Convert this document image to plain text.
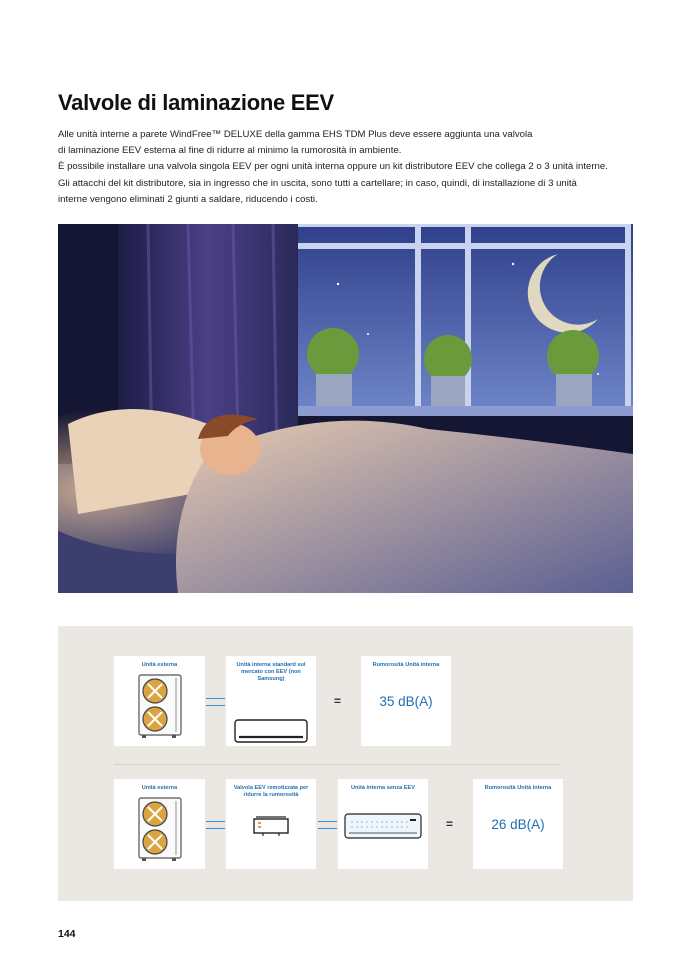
Valvole di laminazione EEV

Alle unità interne a parete WindFree™ DELUXE della gamma EHS TDM Plus deve essere aggiunta una valvola

di laminazione EEV esterna al fine di ridurre al minimo la rumorosità in ambiente.

È possibile installare una valvola singola EEV per ogni unità interna oppure un kit distributore EEV che collega 2 o 3 unità interne.

Gli attacchi del kit distributore, sia in ingresso che in uscita, sono tutti a cartellare; in caso, quindi, di installazione di 3 unità

interne vengono eliminati 2 giunti a saldare, riducendo i costi.

Unità esterna	Unità interna standard sul mercato con EEV (non Samsung)
=
Rumorosità Unità interna
35 dB(A)
Unità esterna	Valvola EEV remotizzata per ridurre la rumorosità
Unità interna senza EEV
=
Rumorosità Unità interna
26 dB(A)
144
